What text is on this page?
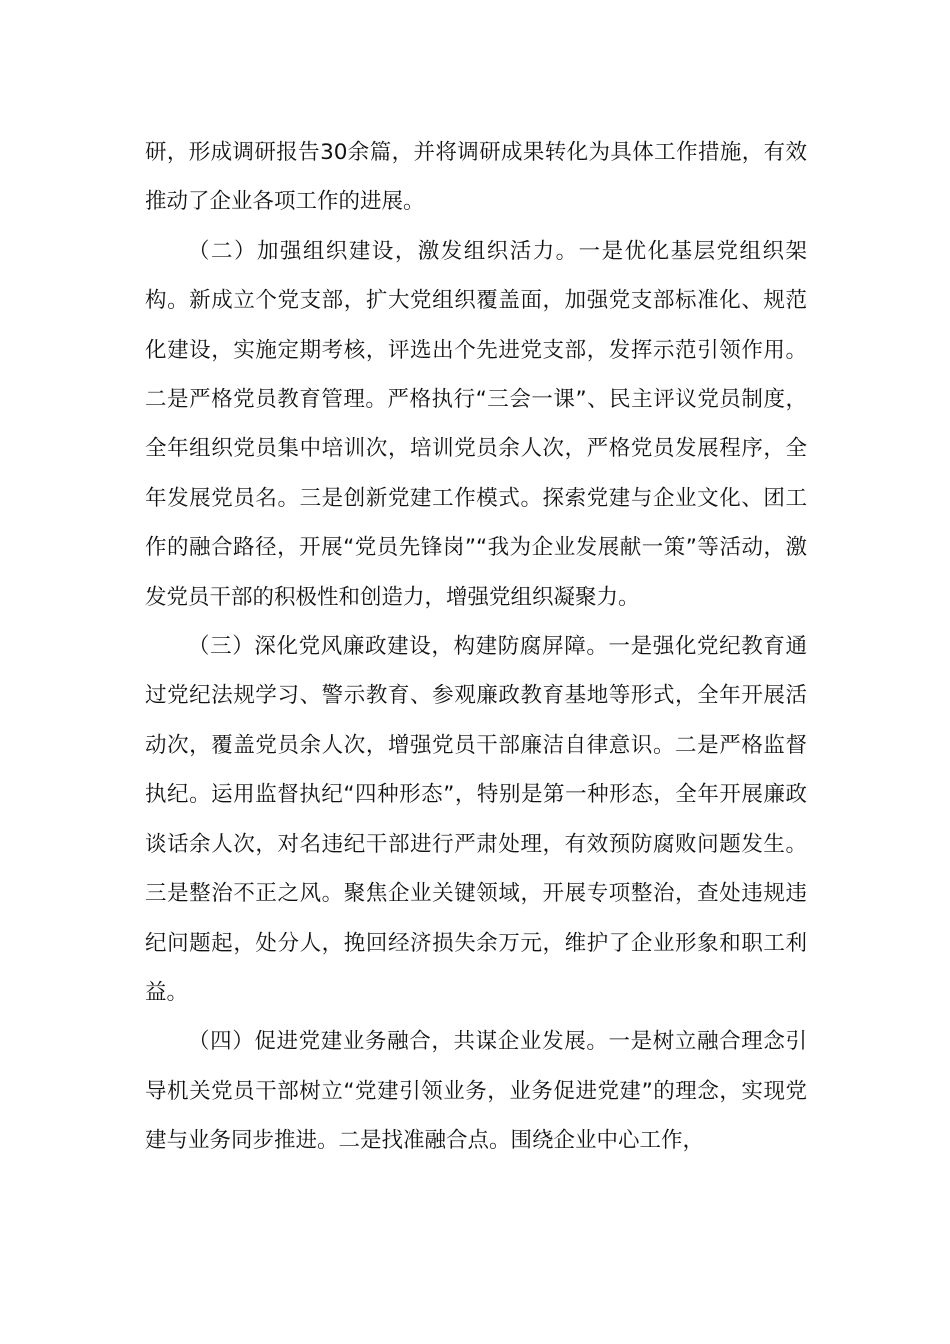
研，形成调研报告30余篇，并将调研成果转化为具体工作措施，有效推动了企业各项工作的进展。

（二）加强组织建设，激发组织活力。一是优化基层党组织架构。新成立个党支部，扩大党组织覆盖面，加强党支部标准化、规范化建设，实施定期考核，评选出个先进党支部，发挥示范引领作用。二是严格党员教育管理。严格执行“三会一课”、民主评议党员制度，全年组织党员集中培训次，培训党员余人次，严格党员发展程序，全年发展党员名。三是创新党建工作模式。探索党建与企业文化、团工作的融合路径，开展“党员先锋岗”“我为企业发展献一策”等活动，激发党员干部的积极性和创造力，增强党组织凝聚力。

（三）深化党风廉政建设，构建防腐屏障。一是强化党纪教育通过党纪法规学习、警示教育、参观廉政教育基地等形式，全年开展活动次，覆盖党员余人次，增强党员干部廉洁自律意识。二是严格监督执纪。运用监督执纪“四种形态”，特别是第一种形态，全年开展廉政谈话余人次，对名违纪干部进行严肃处理，有效预防腐败问题发生。三是整治不正之风。聚焦企业关键领域，开展专项整治，查处违规违纪问题起，处分人，挽回经济损失余万元，维护了企业形象和职工利益。

（四）促进党建业务融合，共谋企业发展。一是树立融合理念引导机关党员干部树立“党建引领业务，业务促进党建”的理念，实现党建与业务同步推进。二是找准融合点。围绕企业中心工作，
